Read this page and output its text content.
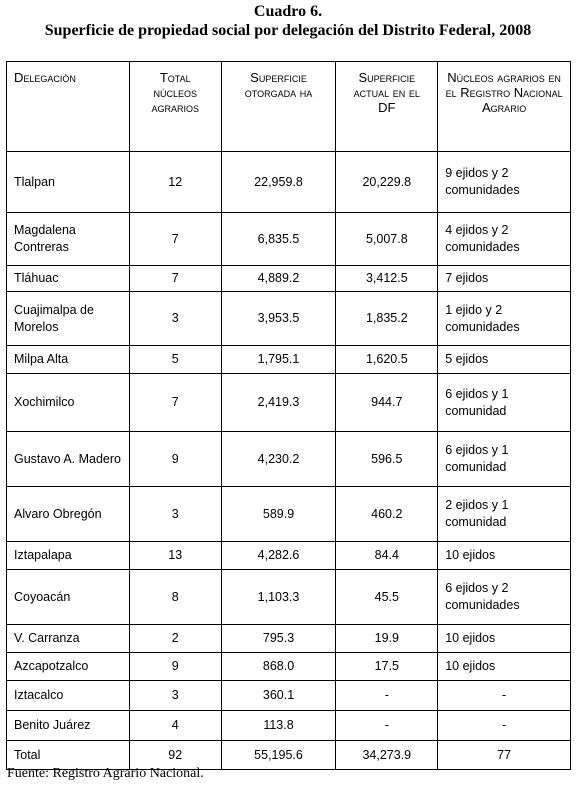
Cuadro 6.
Superficie de propiedad social por delegación del Distrito Federal, 2008
Delegación	Total núcleos agrarios	Superficie otorgada ha	Superficie actual en el DF	Núcleos agrarios en el Registro Nacional Agrario
Tlalpan	12	22,959.8	20,229.8	9 ejidos y 2 comunidades
Magdalena Contreras	7	6,835.5	5,007.8	4 ejidos y 2 comunidades
Tláhuac	7	4,889.2	3,412.5	7 ejidos
Cuajimalpa de Morelos	3	3,953.5	1,835.2	1 ejido y 2 comunidades
Milpa Alta	5	1,795.1	1,620.5	5 ejidos
Xochimilco	7	2,419.3	944.7	6 ejidos y 1 comunidad
Gustavo A. Madero	9	4,230.2	596.5	6 ejidos y 1 comunidad
Alvaro Obregón	3	589.9	460.2	2 ejidos y 1 comunidad
Iztapalapa	13	4,282.6	84.4	10 ejidos
Coyoacán	8	1,103.3	45.5	6 ejidos y 2 comunidades
V. Carranza	2	795.3	19.9	10 ejidos
Azcapotzalco	9	868.0	17.5	10 ejidos
Iztacalco	3	360.1	-	-
Benito Juárez	4	113.8	-	-
Total	92	55,195.6	34,273.9	77
Fuente: Registro Agrario Nacional.
